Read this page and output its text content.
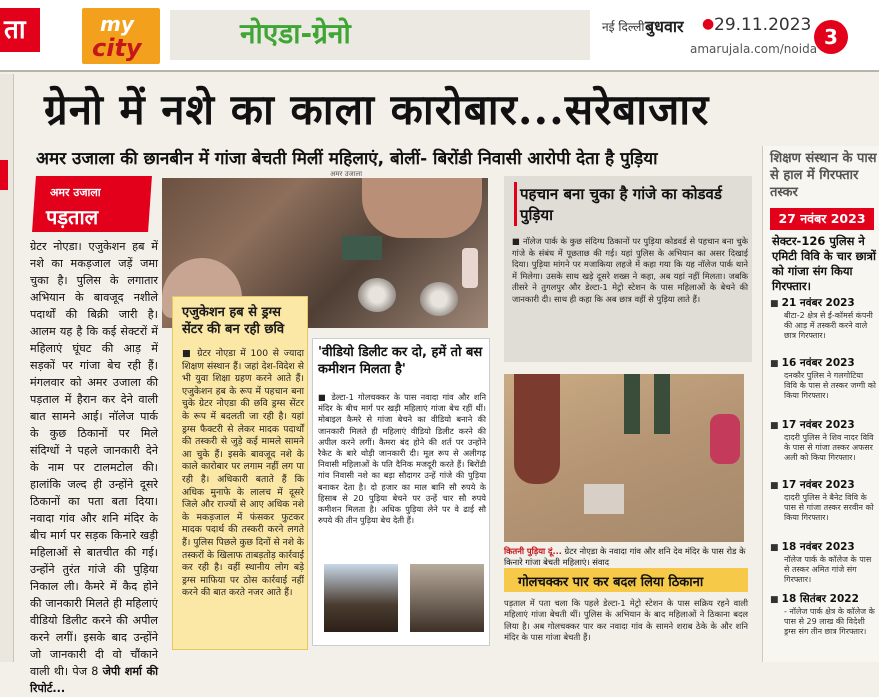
ता	my
city	नोएडा-ग्रेनो	नई दिल्ली बुधवार ● 29.11.2023
amarujala.com/noida 3
ग्रेनो में नशे का काला कारोबार...सरेबाजार
अमर उजाला की छानबीन में गांजा बेचती मिलीं महिलाएं, बोलीं- बिरोंडी निवासी आरोपी देता है पुड़िया
अमर उजाला
पड़ताल
ग्रेटर नोएडा। एजुकेशन हब में नशे का मकड़जाल जड़ें जमा चुका है। पुलिस के लगातार अभियान के बावजूद नशीले पदार्थों की बिक्री जारी है। आलम यह है कि कई सेक्टरों में महिलाएं घूंघट की आड़ में सड़कों पर गांजा बेच रही हैं। मंगलवार को अमर उजाला की पड़ताल में हैरान कर देने वाली बात सामने आई। नॉलेज पार्क के कुछ ठिकानों पर मिले संदिग्धों ने पहले जानकारी देने के नाम पर टालमटोल की। हालांकि जल्द ही उन्होंने दूसरे ठिकानों का पता बता दिया। नवादा गांव और शनि मंदिर के बीच मार्ग पर सड़क किनारे खड़ी महिलाओं से बातचीत की गई। उन्होंने तुरंत गांजे की पुड़िया निकाल ली। कैमरे में कैद होने की जानकारी मिलते ही महिलाएं वीडियो डिलीट करने की अपील करने लगीं। इसके बाद उन्होंने जो जानकारी दी वो चौंकाने वाली थी। पेज 8 जेपी शर्मा की रिपोर्ट...
अमर उजाला
एजुकेशन हब से ड्रग्स सेंटर की बन रही छवि
■ ग्रेटर नोएडा में 100 से ज्यादा शिक्षण संस्थान हैं। जहां देश-विदेश से भी युवा शिक्षा ग्रहण करने आते हैं। एजुकेशन हब के रूप में पहचान बना चुके ग्रेटर नोएडा की छवि ड्रग्स सेंटर के रूप में बदलती जा रही है। यहां ड्रग्स फैक्टरी से लेकर मादक पदार्थों की तस्करी से जुड़े कई मामले सामने आ चुके हैं। इसके बावजूद नशे के काले कारोबार पर लगाम नहीं लग पा रही है। अधिकारी बताते हैं कि अधिक मुनाफे के लालच में दूसरे जिले और राज्यों से आए अधिक नशे के मकड़जाल में फंसकर फुटकर मादक पदार्थ की तस्करी करने लगते हैं। पुलिस पिछले कुछ दिनों से नशे के तस्करों के खिलाफ ताबड़तोड़ कार्रवाई कर रही है। वहीं स्थानीय लोग बड़े ड्रग्स माफिया पर ठोस कार्रवाई नहीं करने की बात करते नजर आते हैं।
'वीडियो डिलीट कर दो, हमें तो बस कमीशन मिलता है'
■ डेल्टा-1 गोलचक्कर के पास नवादा गांव और शनि मंदिर के बीच मार्ग पर खड़ी महिलाएं गांजा बेच रहीं थीं। मोबाइल कैमरे से गांजा बेचने का वीडियो बनाने की जानकारी मिलते ही महिलाएं वीडियो डिलीट करने की अपील करने लगीं। कैमरा बंद होने की शर्त पर उन्होंने रैकेट के बारे थोड़ी जानकारी दी। मूल रूप से अलीगढ़ निवासी महिलाओं के पति दैनिक मजदूरी करते हैं। बिरोंडी गांव निवासी नशे का बड़ा सौदागर उन्हें गांजे की पुड़िया बनाकर देता है। दो हजार का माल बानि सौ रुपये के हिसाब से 20 पुड़िया बेचने पर उन्हें चार सौ रुपये कमीशन मिलता है। अधिक पुड़िया लेने पर वे ढाई सौ रुपये की तीन पुड़िया बेच देती हैं।
पहचान बना चुका है गांजे का कोडवर्ड पुड़िया
■ नॉलेज पार्क के कुछ संदिग्ध ठिकानों पर पुड़िया कोडवर्ड से पहचान बना चुके गांजे के संबंध में पूछताछ की गई। यहां पुलिस के अभियान का असर दिखाई दिया। पुड़िया मांगने पर मजाकिया लहजे में कहा गया कि यह नॉलेज पार्क थाने में मिलेगा। उसके साथ खड़े दूसरे शख्स ने कहा, अब यहां नहीं मिलता। जबकि तीसरे ने तुगलपुर और डेल्टा-1 मेट्रो स्टेशन के पास महिलाओं के बेचने की जानकारी दी। साथ ही कहा कि अब छात्र वहीं से पुड़िया लाते हैं।
कितनी पुड़िया दूं... ग्रेटर नोएडा के नवादा गांव और शनि देव मंदिर के पास रोड के किनारे गांजा बेचती महिलाएं। संवाद
गोलचक्कर पार कर बदल लिया ठिकाना
पड़ताल में पता चला कि पहले डेल्टा-1 मेट्रो स्टेशन के पास सक्रिय रहने वाली महिलाएं गांजा बेचती थीं। पुलिस के अभियान के बाद महिलाओं ने ठिकाना बदल लिया है। अब गोलचक्कर पार कर नवादा गांव के सामने शराब ठेके के और शनि मंदिर के पास गांजा बेचती हैं।
शिक्षण संस्थान के पास से हाल में गिरफ्तार तस्कर
27 नवंबर 2023
सेक्टर-126 पुलिस ने एमिटी विवि के चार छात्रों को गांजा संग किया गिरफ्तार।
■ 21 नवंबर 2023
बीटा-2 क्षेत्र से ई-कॉमर्स कंपनी की आड़ में तस्करी करने वाले छात्र गिरफ्तार।
■ 16 नवंबर 2023
दनकौर पुलिस ने गलगोटिया विवि के पास से तस्कर जग्गी को किया गिरफ्तार।
■ 17 नवंबर 2023
दादरी पुलिस ने शिव नादर विवि के पास से गांजा तस्कर अफसर अली को किया गिरफ्तार।
■ 17 नवंबर 2023
दादरी पुलिस ने बैनेट विवि के पास से गांजा तस्कर सरवीन को किया गिरफ्तार।
■ 18 नवंबर 2023
नॉलेज पार्क के कॉलेज के पास से तस्कर अमित गांजे संग गिरफ्तार।
■ 18 सितंबर 2022
- नॉलेज पार्क क्षेत्र के कॉलेज के पास से 29 लाख की विदेशी ड्रग्स संग तीन छात्र गिरफ्तार।
